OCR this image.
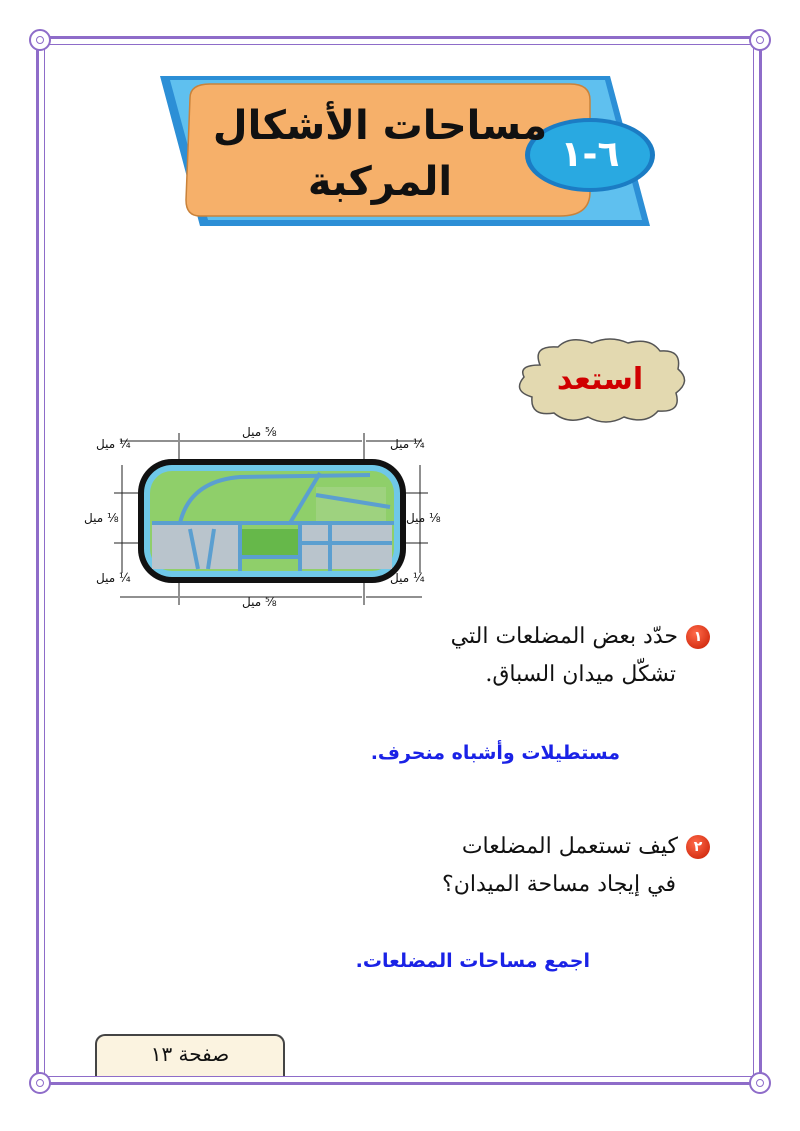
مساحات الأشكال
المركبة
٦-١
استعد
¼ ميل
⅝ ميل
¼ ميل
⅛ ميل	⅛ ميل
¼ ميل
⅝ ميل
¼ ميل
١حدّد بعض المضلعات التي
تشكّل ميدان السباق.
مستطيلات وأشباه منحرف.
٢كيف تستعمل المضلعات
في إيجاد مساحة الميدان؟
اجمع مساحات المضلعات.
صفحة ١٣
